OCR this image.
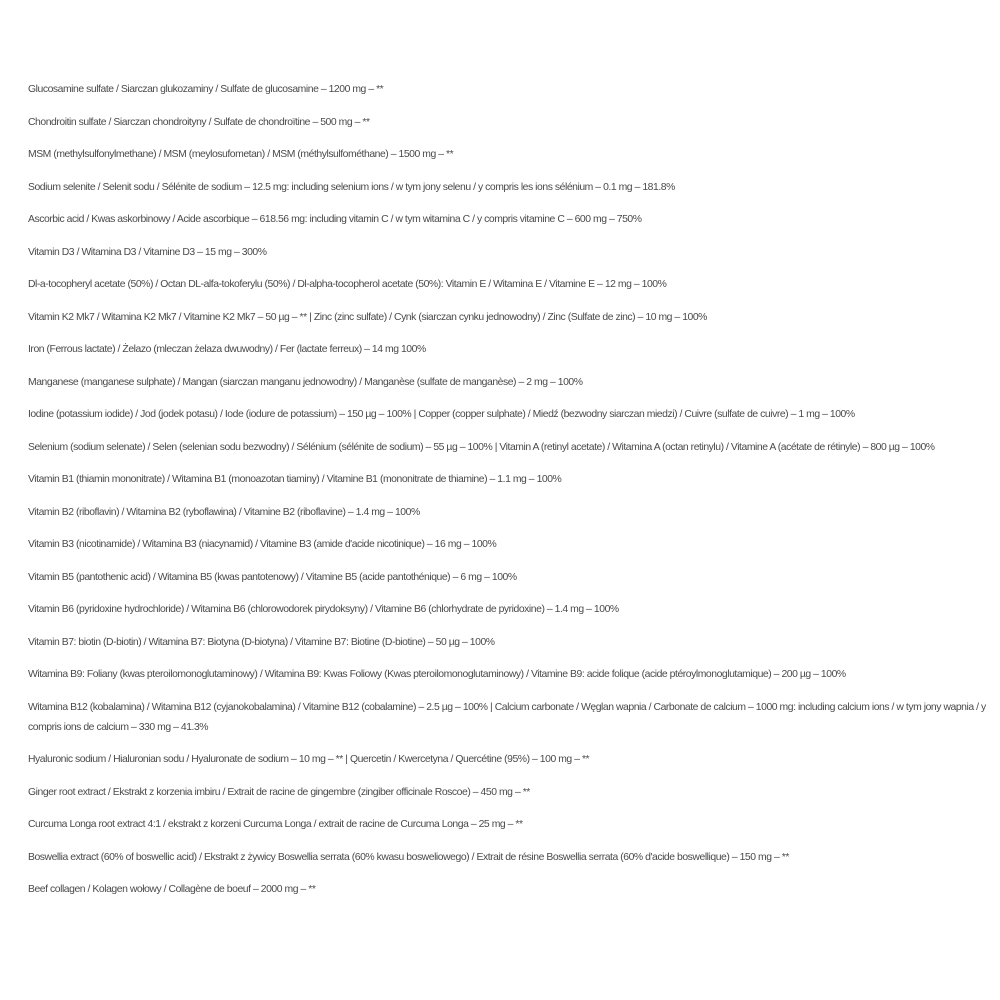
Glucosamine sulfate / Siarczan glukozaminy / Sulfate de glucosamine – 1200 mg – **
Chondroitin sulfate / Siarczan chondroityny / Sulfate de chondroïtine – 500 mg – **
MSM (methylsulfonylmethane) / MSM (meylosufometan) / MSM (méthylsulfométhane) – 1500 mg – **
Sodium selenite / Selenit sodu / Sélénite de sodium – 12.5 mg: including selenium ions / w tym jony selenu / y compris les ions sélénium – 0.1 mg – 181.8%
Ascorbic acid / Kwas askorbinowy / Acide ascorbique – 618.56 mg: including vitamin C / w tym witamina C / y compris vitamine C – 600 mg – 750%
Vitamin D3 / Witamina D3 / Vitamine D3 – 15 mg – 300%
Dl-a-tocopheryl acetate (50%) / Octan DL-alfa-tokoferylu (50%) / Dl-alpha-tocopherol acetate (50%): Vitamin E / Witamina E / Vitamine E – 12 mg – 100%
Vitamin K2 Mk7 / Witamina K2 Mk7 / Vitamine K2 Mk7 – 50 µg – ** | Zinc (zinc sulfate) / Cynk (siarczan cynku jednowodny) / Zinc (Sulfate de zinc) – 10 mg – 100%
Iron (Ferrous lactate) / Żelazo (mleczan żelaza dwuwodny) / Fer (lactate ferreux) – 14 mg 100%
Manganese (manganese sulphate) / Mangan (siarczan manganu jednowodny) / Manganèse (sulfate de manganèse) – 2 mg – 100%
Iodine (potassium iodide) / Jod (jodek potasu) / Iode (iodure de potassium) – 150 µg – 100% | Copper (copper sulphate) / Miedź (bezwodny siarczan miedzi) / Cuivre (sulfate de cuivre) – 1 mg – 100%
Selenium (sodium selenate) / Selen (selenian sodu bezwodny) / Sélénium (sélénite de sodium) – 55 µg – 100% | Vitamin A (retinyl acetate) / Witamina A (octan retinylu) / Vitamine A (acétate de rétinyle) – 800 µg – 100%
Vitamin B1 (thiamin mononitrate) / Witamina B1 (monoazotan tiaminy) / Vitamine B1 (mononitrate de thiamine) – 1.1 mg – 100%
Vitamin B2 (riboflavin) / Witamina B2 (ryboflawina) / Vitamine B2 (riboflavine) – 1.4 mg – 100%
Vitamin B3 (nicotinamide) / Witamina B3 (niacynamid) / Vitamine B3 (amide d'acide nicotinique) – 16 mg – 100%
Vitamin B5 (pantothenic acid) / Witamina B5 (kwas pantotenowy) / Vitamine B5 (acide pantothénique) – 6 mg – 100%
Vitamin B6 (pyridoxine hydrochloride) / Witamina B6 (chlorowodorek pirydoksyny) / Vitamine B6 (chlorhydrate de pyridoxine) – 1.4 mg – 100%
Vitamin B7: biotin (D-biotin) / Witamina B7: Biotyna (D-biotyna) / Vitamine B7: Biotine (D-biotine) – 50 µg – 100%
Witamina B9: Foliany (kwas pteroilomonoglutaminowy) / Witamina B9: Kwas Foliowy (Kwas pteroilomonoglutaminowy) / Vitamine B9: acide folique (acide ptéroylmonoglutamique) – 200 µg – 100%
Witamina B12 (kobalamina) / Witamina B12 (cyjanokobalamina) / Vitamine B12 (cobalamine) – 2.5 µg – 100% | Calcium carbonate / Węglan wapnia / Carbonate de calcium – 1000 mg: including calcium ions / w tym jony wapnia / y compris ions de calcium – 330 mg – 41.3%
Hyaluronic sodium / Hialuronian sodu / Hyaluronate de sodium – 10 mg – ** | Quercetin / Kwercetyna / Quercétine (95%) – 100 mg – **
Ginger root extract / Ekstrakt z korzenia imbiru / Extrait de racine de gingembre (zingiber officinale Roscoe) – 450 mg – **
Curcuma Longa root extract 4:1 / ekstrakt z korzeni Curcuma Longa / extrait de racine de Curcuma Longa – 25 mg – **
Boswellia extract (60% of boswellic acid) / Ekstrakt z żywicy Boswellia serrata (60% kwasu bosweliowego) / Extrait de résine Boswellia serrata (60% d'acide boswellique) – 150 mg – **
Beef collagen / Kolagen wołowy / Collagène de boeuf – 2000 mg – **
